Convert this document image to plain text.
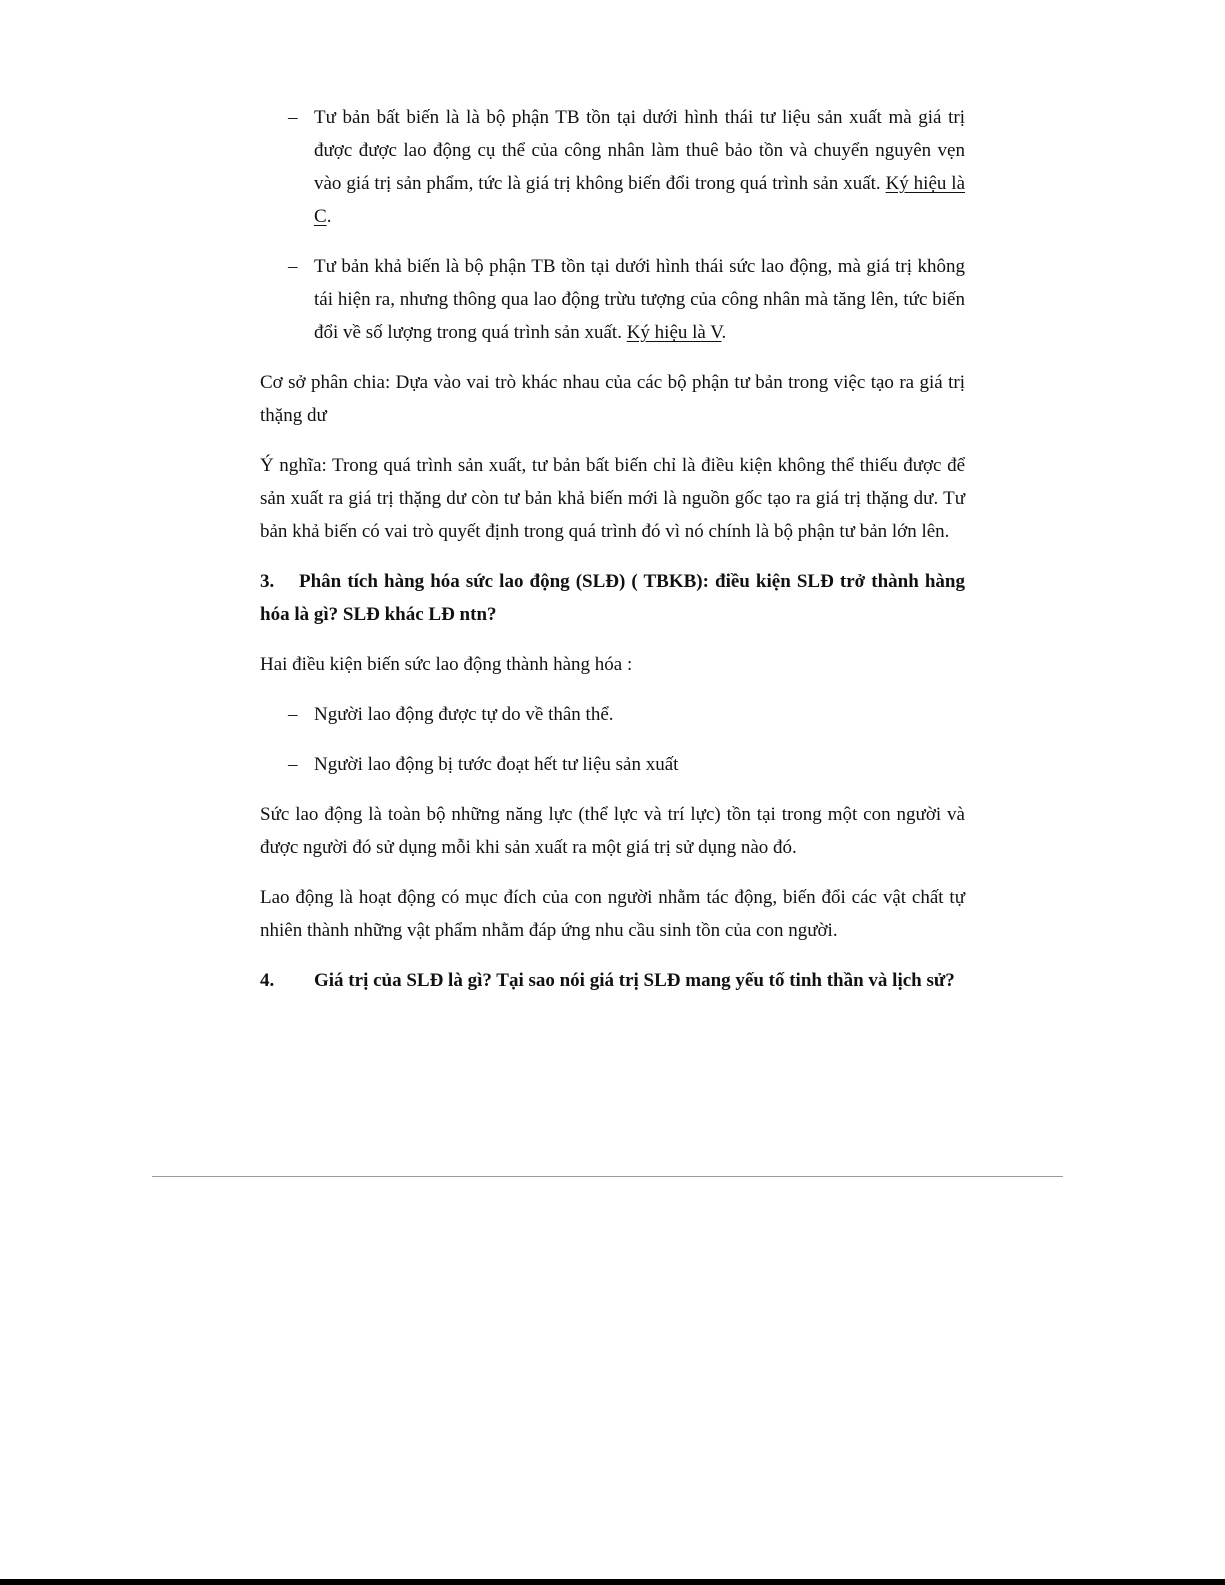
– Tư bản bất biến là là bộ phận TB tồn tại dưới hình thái tư liệu sản xuất mà giá trị được được lao động cụ thể của công nhân làm thuê bảo tồn và chuyển nguyên vẹn vào giá trị sản phẩm, tức là giá trị không biến đổi trong quá trình sản xuất. Ký hiệu là C.
– Tư bản khả biến là bộ phận TB tồn tại dưới hình thái sức lao động, mà giá trị không tái hiện ra, nhưng thông qua lao động trừu tượng của công nhân mà tăng lên, tức biến đổi về số lượng trong quá trình sản xuất. Ký hiệu là V.
Cơ sở phân chia: Dựa vào vai trò khác nhau của các bộ phận tư bản trong việc tạo ra giá trị thặng dư
Ý nghĩa: Trong quá trình sản xuất, tư bản bất biến chỉ là điều kiện không thể thiếu được để sản xuất ra giá trị thặng dư còn tư bản khả biến mới là nguồn gốc tạo ra giá trị thặng dư. Tư bản khả biến có vai trò quyết định trong quá trình đó vì nó chính là bộ phận tư bản lớn lên.
3. Phân tích hàng hóa sức lao động (SLĐ) ( TBKB): điều kiện SLĐ trở thành hàng hóa là gì? SLĐ khác LĐ ntn?
Hai điều kiện biến sức lao động thành hàng hóa :
– Người lao động được tự do về thân thể.
– Người lao động bị tước đoạt hết tư liệu sản xuất
Sức lao động là toàn bộ những năng lực (thể lực và trí lực) tồn tại trong một con người và được người đó sử dụng mỗi khi sản xuất ra một giá trị sử dụng nào đó.
Lao động là hoạt động có mục đích của con người nhằm tác động, biến đổi các vật chất tự nhiên thành những vật phẩm nhằm đáp ứng nhu cầu sinh tồn của con người.
4. Giá trị của SLĐ là gì? Tại sao nói giá trị SLĐ mang yếu tố tinh thần và lịch sử?
